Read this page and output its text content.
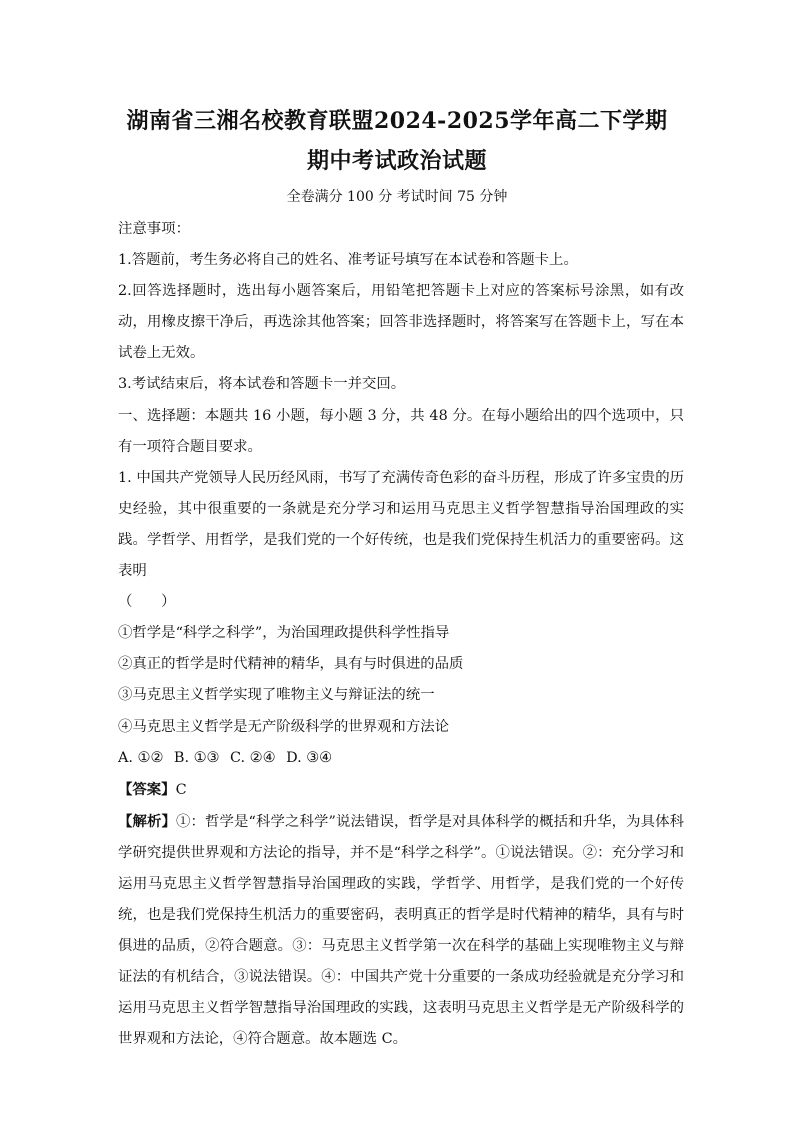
湖南省三湘名校教育联盟2024-2025学年高二下学期
期中考试政治试题
全卷满分 100 分 考试时间 75 分钟

注意事项：

1.答题前，考生务必将自己的姓名、准考证号填写在本试卷和答题卡上。

2.回答选择题时，选出每小题答案后，用铅笔把答题卡上对应的答案标号涂黑，如有改动，用橡皮擦干净后，再选涂其他答案；回答非选择题时，将答案写在答题卡上，写在本试卷上无效。

3.考试结束后，将本试卷和答题卡一并交回。

一、选择题：本题共 16 小题，每小题 3 分，共 48 分。在每小题给出的四个选项中，只有一项符合题目要求。

1. 中国共产党领导人民历经风雨，书写了充满传奇色彩的奋斗历程，形成了许多宝贵的历史经验，其中很重要的一条就是充分学习和运用马克思主义哲学智慧指导治国理政的实践。学哲学、用哲学，是我们党的一个好传统，也是我们党保持生机活力的重要密码。这表明
（　　）

①哲学是“科学之科学”，为治国理政提供科学性指导

②真正的哲学是时代精神的精华，具有与时俱进的品质

③马克思主义哲学实现了唯物主义与辩证法的统一

④马克思主义哲学是无产阶级科学的世界观和方法论

A. ①② B. ①③ C. ②④ D. ③④

【答案】C

【解析】①：哲学是“科学之科学”说法错误，哲学是对具体科学的概括和升华，为具体科学研究提供世界观和方法论的指导，并不是“科学之科学”。①说法错误。②：充分学习和运用马克思主义哲学智慧指导治国理政的实践，学哲学、用哲学，是我们党的一个好传统，也是我们党保持生机活力的重要密码，表明真正的哲学是时代精神的精华，具有与时俱进的品质，②符合题意。③：马克思主义哲学第一次在科学的基础上实现唯物主义与辩证法的有机结合，③说法错误。④：中国共产党十分重要的一条成功经验就是充分学习和运用马克思主义哲学智慧指导治国理政的实践，这表明马克思主义哲学是无产阶级科学的世界观和方法论，④符合题意。故本题选 C。
